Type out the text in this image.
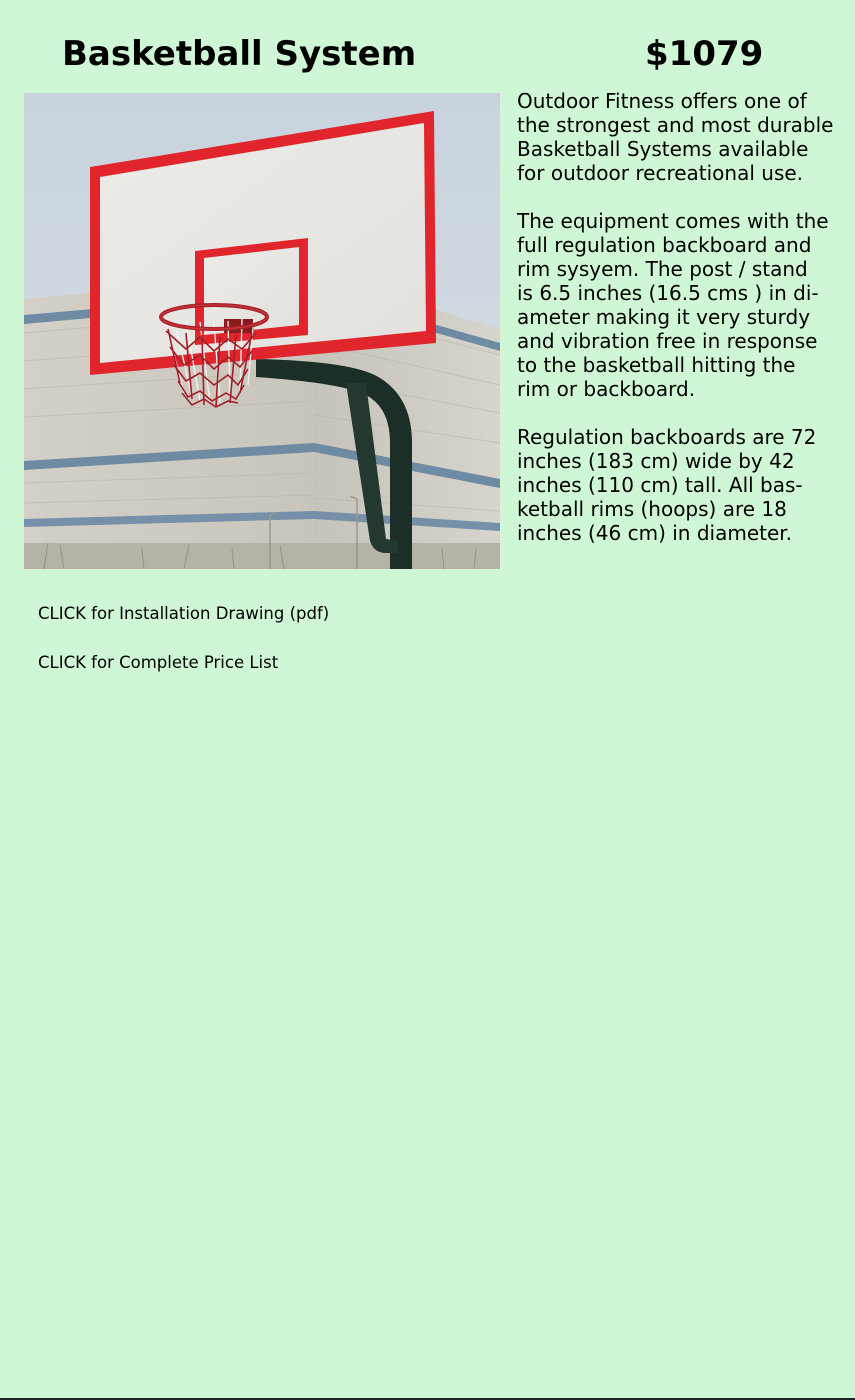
Basketball System	$1079

Outdoor Fitness offers one of
the strongest and most durable
Basketball Systems available
for outdoor recreational use.

The equipment comes with the
full regulation backboard and
rim sysyem. The post / stand
is 6.5 inches (16.5 cms ) in di-
ameter making it very sturdy
and vibration free in response
to the basketball hitting the
rim or backboard.

Regulation backboards are 72
inches (183 cm) wide by 42
inches (110 cm) tall. All bas-
ketball rims (hoops) are 18
inches (46 cm) in diameter.

CLICK for Installation Drawing (pdf)
CLICK for Complete Price List
